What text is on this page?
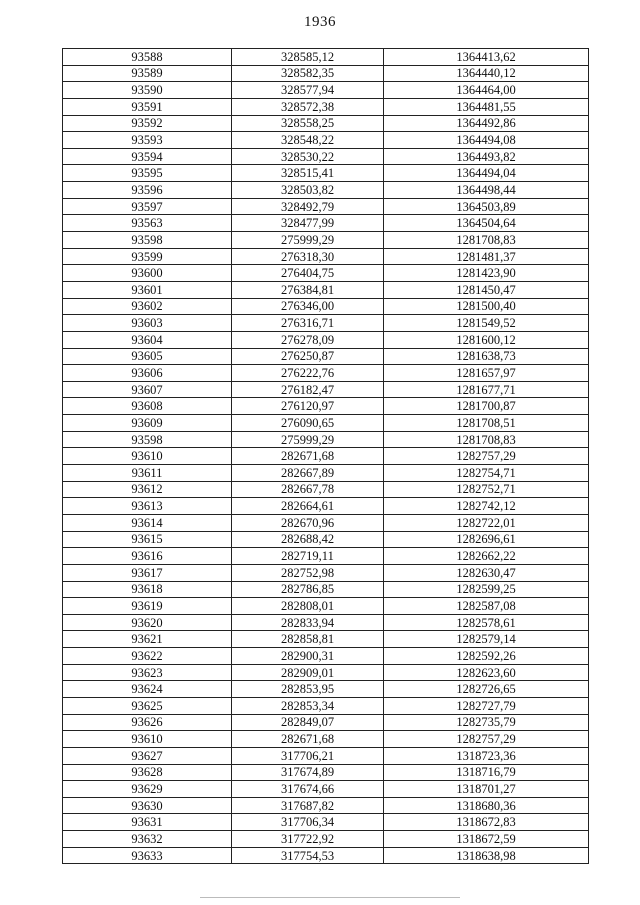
1936
93588	328585,12	1364413,62
93589	328582,35	1364440,12
93590	328577,94	1364464,00
93591	328572,38	1364481,55
93592	328558,25	1364492,86
93593	328548,22	1364494,08
93594	328530,22	1364493,82
93595	328515,41	1364494,04
93596	328503,82	1364498,44
93597	328492,79	1364503,89
93563	328477,99	1364504,64
93598	275999,29	1281708,83
93599	276318,30	1281481,37
93600	276404,75	1281423,90
93601	276384,81	1281450,47
93602	276346,00	1281500,40
93603	276316,71	1281549,52
93604	276278,09	1281600,12
93605	276250,87	1281638,73
93606	276222,76	1281657,97
93607	276182,47	1281677,71
93608	276120,97	1281700,87
93609	276090,65	1281708,51
93598	275999,29	1281708,83
93610	282671,68	1282757,29
93611	282667,89	1282754,71
93612	282667,78	1282752,71
93613	282664,61	1282742,12
93614	282670,96	1282722,01
93615	282688,42	1282696,61
93616	282719,11	1282662,22
93617	282752,98	1282630,47
93618	282786,85	1282599,25
93619	282808,01	1282587,08
93620	282833,94	1282578,61
93621	282858,81	1282579,14
93622	282900,31	1282592,26
93623	282909,01	1282623,60
93624	282853,95	1282726,65
93625	282853,34	1282727,79
93626	282849,07	1282735,79
93610	282671,68	1282757,29
93627	317706,21	1318723,36
93628	317674,89	1318716,79
93629	317674,66	1318701,27
93630	317687,82	1318680,36
93631	317706,34	1318672,83
93632	317722,92	1318672,59
93633	317754,53	1318638,98
